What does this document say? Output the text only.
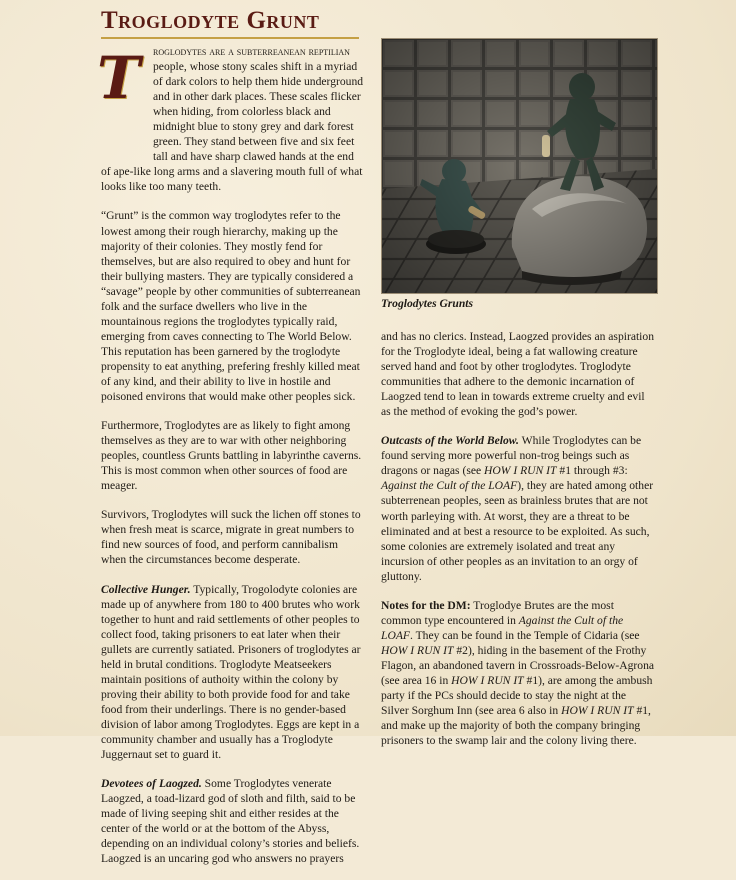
Troglodyte Grunt

T	roglodytes are a subterreanean reptilian people, whose stony scales shift in a myriad of dark colors to help them hide underground and in other dark places. These scales flicker when hiding, from colorless black and midnight blue to stony grey and dark forest green. They stand between five and six feet tall and have sharp clawed hands at the end of ape-like long arms and a slavering mouth full of what looks like too many teeth.

“Grunt” is the common way troglodytes refer to the lowest among their rough hierarchy, making up the majority of their colonies. They mostly fend for themselves, but are also required to obey and hunt for their bullying masters. They are typically considered a “savage” people by other communities of subterreanean folk and the surface dwellers who live in the mountainous regions the troglodytes typically raid, emerging from caves connecting to The World Below. This reputation has been garnered by the troglodyte propensity to eat anything, prefering freshly killed meat of any kind, and their ability to live in hostile and poisoned environs that would make other peoples sick.

Furthermore, Troglodytes are as likely to fight among themselves as they are to war with other neighboring peoples, countless Grunts battling in labyrinthe caverns. This is most common when other sources of food are meager.

Survivors, Troglodytes will suck the lichen off stones to when fresh meat is scarce, migrate in great numbers to find new sources of food, and perform cannibalism when the circumstances become desperate.

Collective Hunger. Typically, Trogolodyte colonies are made up of anywhere from 180 to 400 brutes who work together to hunt and raid settlements of other peoples to collect food, taking prisoners to eat later when their gullets are currently satiated. Prisoners of troglodytes ar held in brutal conditions. Troglodyte Meatseekers maintain positions of authoity within the colony by proving their ability to both provide food for and take food from their underlings. There is no gender-based division of labor among Troglodytes. Eggs are kept in a community chamber and usually has a Troglodyte Juggernaut set to guard it.

Devotees of Laogzed. Some Troglodytes venerate Laogzed, a toad-lizard god of sloth and filth, said to be made of living seeping shit and either resides at the center of the world or at the bottom of the Abyss, depending on an individual colony’s stories and beliefs. Laogzed is an uncaring god who answers no prayers

Troglodytes Grunts

and has no clerics. Instead, Laogzed provides an aspiration for the Troglodyte ideal, being a fat wallowing creature served hand and foot by other troglodytes. Troglodyte communities that adhere to the demonic incarnation of Laogzed tend to lean in towards extreme cruelty and evil as the method of evoking the god’s power.

Outcasts of the World Below. While Troglodytes can be found serving more powerful non-trog beings such as dragons or nagas (see HOW I RUN IT #1 through #3: Against the Cult of the LOAF), they are hated among other subterrenean peoples, seen as brainless brutes that are not worth parleying with. At worst, they are a threat to be eliminated and at best a resource to be exploited. As such, some colonies are extremely isolated and treat any incursion of other peoples as an invitation to an orgy of gluttony.

Notes for the DM: Troglodye Brutes are the most common type encountered in Against the Cult of the LOAF. They can be found in the Temple of Cidaria (see HOW I RUN IT #2), hiding in the basement of the Frothy Flagon, an abandoned tavern in Crossroads-Below-Agrona (see area 16 in HOW I RUN IT #1), are among the ambush party if the PCs should decide to stay the night at the Silver Sorghum Inn (see area 6 also in HOW I RUN IT #1, and make up the majority of both the company bringing prisoners to the swamp lair and the colony living there.
